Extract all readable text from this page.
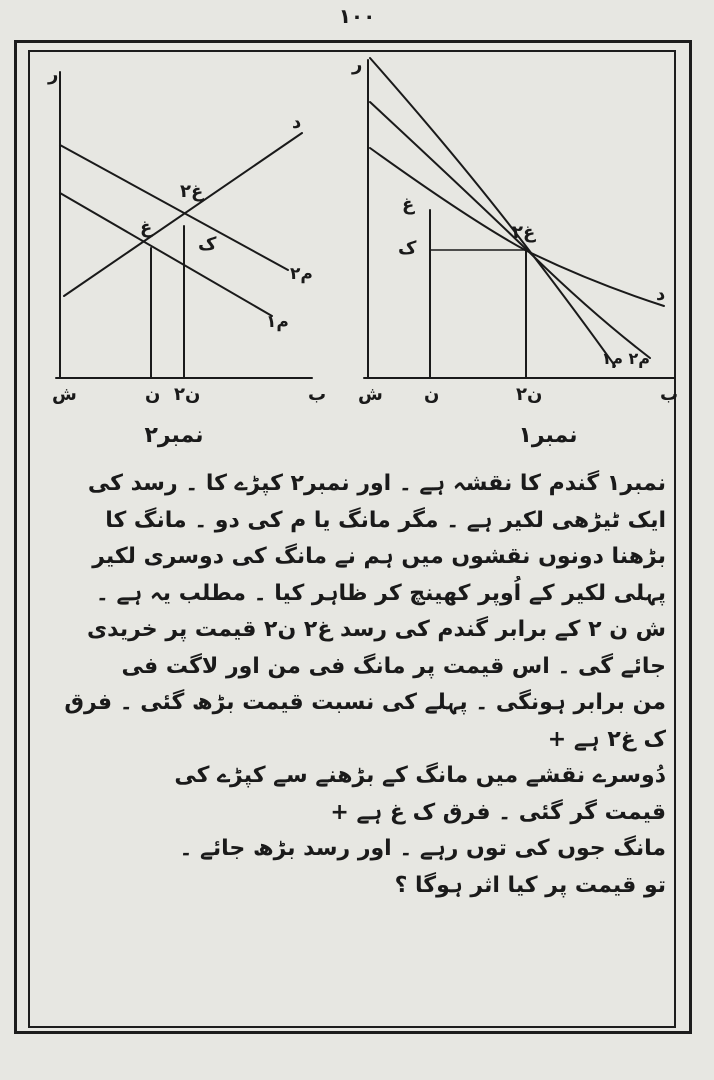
١٠٠
ر
د
غ٢
غ
ک
م٢
م١
ش	ن ن٢	ب
نمبر٢
ر
غ
غ٢
ک
د
م٢ م١
ش ن	ن٢	ب
نمبر١
نمبر١ گندم کا نقشہ ہے ۔ اور نمبر٢ کپڑے کا ۔ رسد کی
ایک ٹیڑھی لکیر ہے ۔ مگر مانگ یا م کی دو ۔ مانگ کا
بڑھنا دونوں نقشوں میں ہم نے مانگ کی دوسری لکیر
پہلی لکیر کے اُوپر کھینچ کر ظاہر کیا ۔ مطلب یہ ہے ۔
ش ن ٢ کے برابر گندم کی رسد غ٢ ن٢ قیمت پر خریدی
جائے گی ۔ اس قیمت پر مانگ فی من اور لاگت فی
من برابر ہونگی ۔ پہلے کی نسبت قیمت بڑھ گئی ۔ فرق
ک غ٢ ہے +
دُوسرے نقشے میں مانگ کے بڑھنے سے کپڑے کی
قیمت گر گئی ۔ فرق ک غ ہے +
مانگ جوں کی توں رہے ۔ اور رسد بڑھ جائے ۔
تو قیمت پر کیا اثر ہوگا ؟
